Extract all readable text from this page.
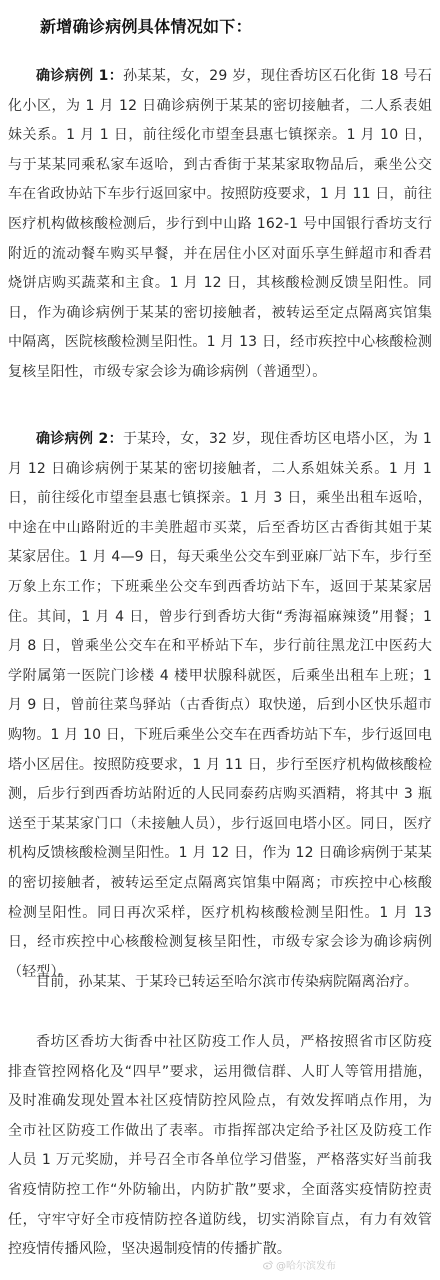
新增确诊病例具体情况如下：

确诊病例 1：孙某某，女，29 岁，现住香坊区石化街 18 号石化小区，为 1 月 12 日确诊病例于某某的密切接触者，二人系表姐妹关系。1 月 1 日，前往绥化市望奎县惠七镇探亲。1 月 10 日，与于某某同乘私家车返哈，到古香街于某某家取物品后，乘坐公交车在省政协站下车步行返回家中。按照防疫要求，1 月 11 日，前往医疗机构做核酸检测后，步行到中山路 162-1 号中国银行香坊支行附近的流动餐车购买早餐，并在居住小区对面乐享生鲜超市和香君烧饼店购买蔬菜和主食。1 月 12 日，其核酸检测反馈呈阳性。同日，作为确诊病例于某某的密切接触者，被转运至定点隔离宾馆集中隔离，医院核酸检测呈阳性。1 月 13 日，经市疾控中心核酸检测复核呈阳性，市级专家会诊为确诊病例（普通型）。

确诊病例 2：于某玲，女，32 岁，现住香坊区电塔小区，为 1 月 12 日确诊病例于某某的密切接触者，二人系姐妹关系。1 月 1 日，前往绥化市望奎县惠七镇探亲。1 月 3 日，乘坐出租车返哈，中途在中山路附近的丰美胜超市买菜，后至香坊区古香街其姐于某某家居住。1 月 4—9 日，每天乘坐公交车到亚麻厂站下车，步行至万象上东工作；下班乘坐公交车到西香坊站下车，返回于某某家居住。其间，1 月 4 日，曾步行到香坊大街“秀海福麻辣烫”用餐；1 月 8 日，曾乘坐公交车在和平桥站下车，步行前往黑龙江中医药大学附属第一医院门诊楼 4 楼甲状腺科就医，后乘坐出租车上班；1 月 9 日，曾前往菜鸟驿站（古香街点）取快递，后到小区快乐超市购物。1 月 10 日，下班后乘坐公交车在西香坊站下车，步行返回电塔小区居住。按照防疫要求，1 月 11 日，步行至医疗机构做核酸检测，后步行到西香坊站附近的人民同泰药店购买酒精，将其中 3 瓶送至于某某家门口（未接触人员），步行返回电塔小区。同日，医疗机构反馈核酸检测呈阳性。1 月 12 日，作为 12 日确诊病例于某某的密切接触者，被转运至定点隔离宾馆集中隔离；市疾控中心核酸检测呈阳性。同日再次采样，医疗机构核酸检测呈阳性。1 月 13 日，经市疾控中心核酸检测复核呈阳性，市级专家会诊为确诊病例（轻型）。

目前，孙某某、于某玲已转运至哈尔滨市传染病院隔离治疗。

香坊区香坊大街香中社区防疫工作人员，严格按照省市区防疫排查管控网格化及“四早”要求，运用微信群、人盯人等管用措施，及时准确发现处置本社区疫情防控风险点，有效发挥哨点作用，为全市社区防疫工作做出了表率。市指挥部决定给予社区及防疫工作人员 1 万元奖励，并号召全市各单位学习借鉴，严格落实好当前我省疫情防控工作“外防输出，内防扩散”要求，全面落实疫情防控责任，守牢守好全市疫情防控各道防线，切实消除盲点，有力有效管控疫情传播风险，坚决遏制疫情的传播扩散。

@哈尔滨发布
